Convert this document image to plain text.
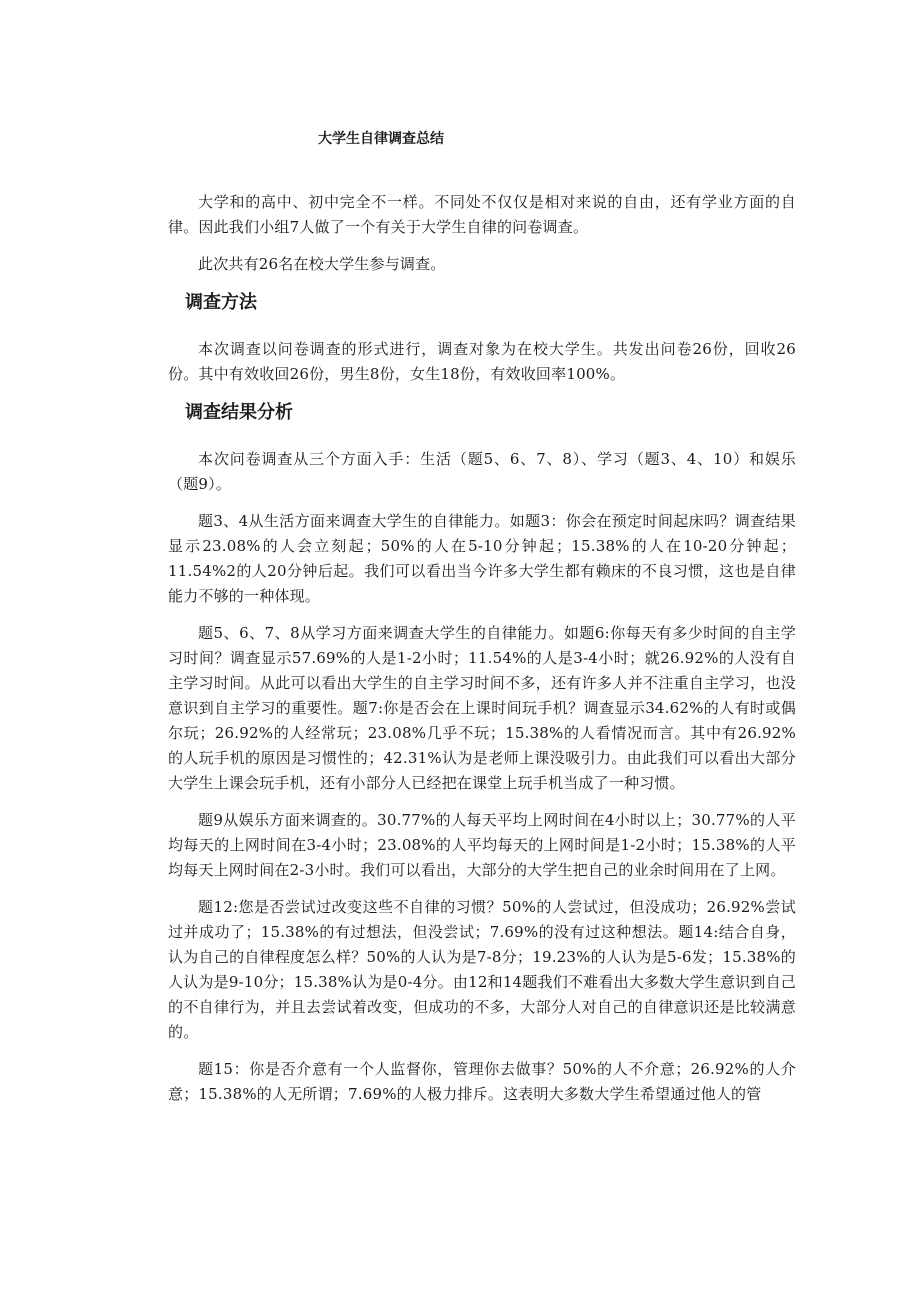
大学生自律调查总结

大学和的高中、初中完全不一样。不同处不仅仅是相对来说的自由，还有学业方面的自律。因此我们小组7人做了一个有关于大学生自律的问卷调查。

此次共有26名在校大学生参与调查。

调查方法

本次调查以问卷调查的形式进行，调查对象为在校大学生。共发出问卷26份，回收26份。其中有效收回26份，男生8份，女生18份，有效收回率100%。

调查结果分析

本次问卷调查从三个方面入手：生活（题5、6、7、8）、学习（题3、4、10）和娱乐（题9）。

题3、4从生活方面来调查大学生的自律能力。如题3：你会在预定时间起床吗？调查结果显示23.08%的人会立刻起；50%的人在5-10分钟起；15.38%的人在10-20分钟起；11.54%2的人20分钟后起。我们可以看出当今许多大学生都有赖床的不良习惯，这也是自律能力不够的一种体现。

题5、6、7、8从学习方面来调查大学生的自律能力。如题6:你每天有多少时间的自主学习时间？调查显示57.69%的人是1-2小时；11.54%的人是3-4小时；就26.92%的人没有自主学习时间。从此可以看出大学生的自主学习时间不多，还有许多人并不注重自主学习，也没意识到自主学习的重要性。题7:你是否会在上课时间玩手机？调查显示34.62%的人有时或偶尔玩；26.92%的人经常玩；23.08%几乎不玩；15.38%的人看情况而言。其中有26.92%的人玩手机的原因是习惯性的；42.31%认为是老师上课没吸引力。由此我们可以看出大部分大学生上课会玩手机，还有小部分人已经把在课堂上玩手机当成了一种习惯。

题9从娱乐方面来调查的。30.77%的人每天平均上网时间在4小时以上；30.77%的人平均每天的上网时间在3-4小时；23.08%的人平均每天的上网时间是1-2小时；15.38%的人平均每天上网时间在2-3小时。我们可以看出，大部分的大学生把自己的业余时间用在了上网。

题12:您是否尝试过改变这些不自律的习惯？50%的人尝试过，但没成功；26.92%尝试过并成功了；15.38%的有过想法，但没尝试；7.69%的没有过这种想法。题14:结合自身，认为自己的自律程度怎么样？50%的人认为是7-8分；19.23%的人认为是5-6发；15.38%的人认为是9-10分；15.38%认为是0-4分。由12和14题我们不难看出大多数大学生意识到自己的不自律行为，并且去尝试着改变，但成功的不多，大部分人对自己的自律意识还是比较满意的。

题15：你是否介意有一个人监督你，管理你去做事？50%的人不介意；26.92%的人介意；15.38%的人无所谓；7.69%的人极力排斥。这表明大多数大学生希望通过他人的管
